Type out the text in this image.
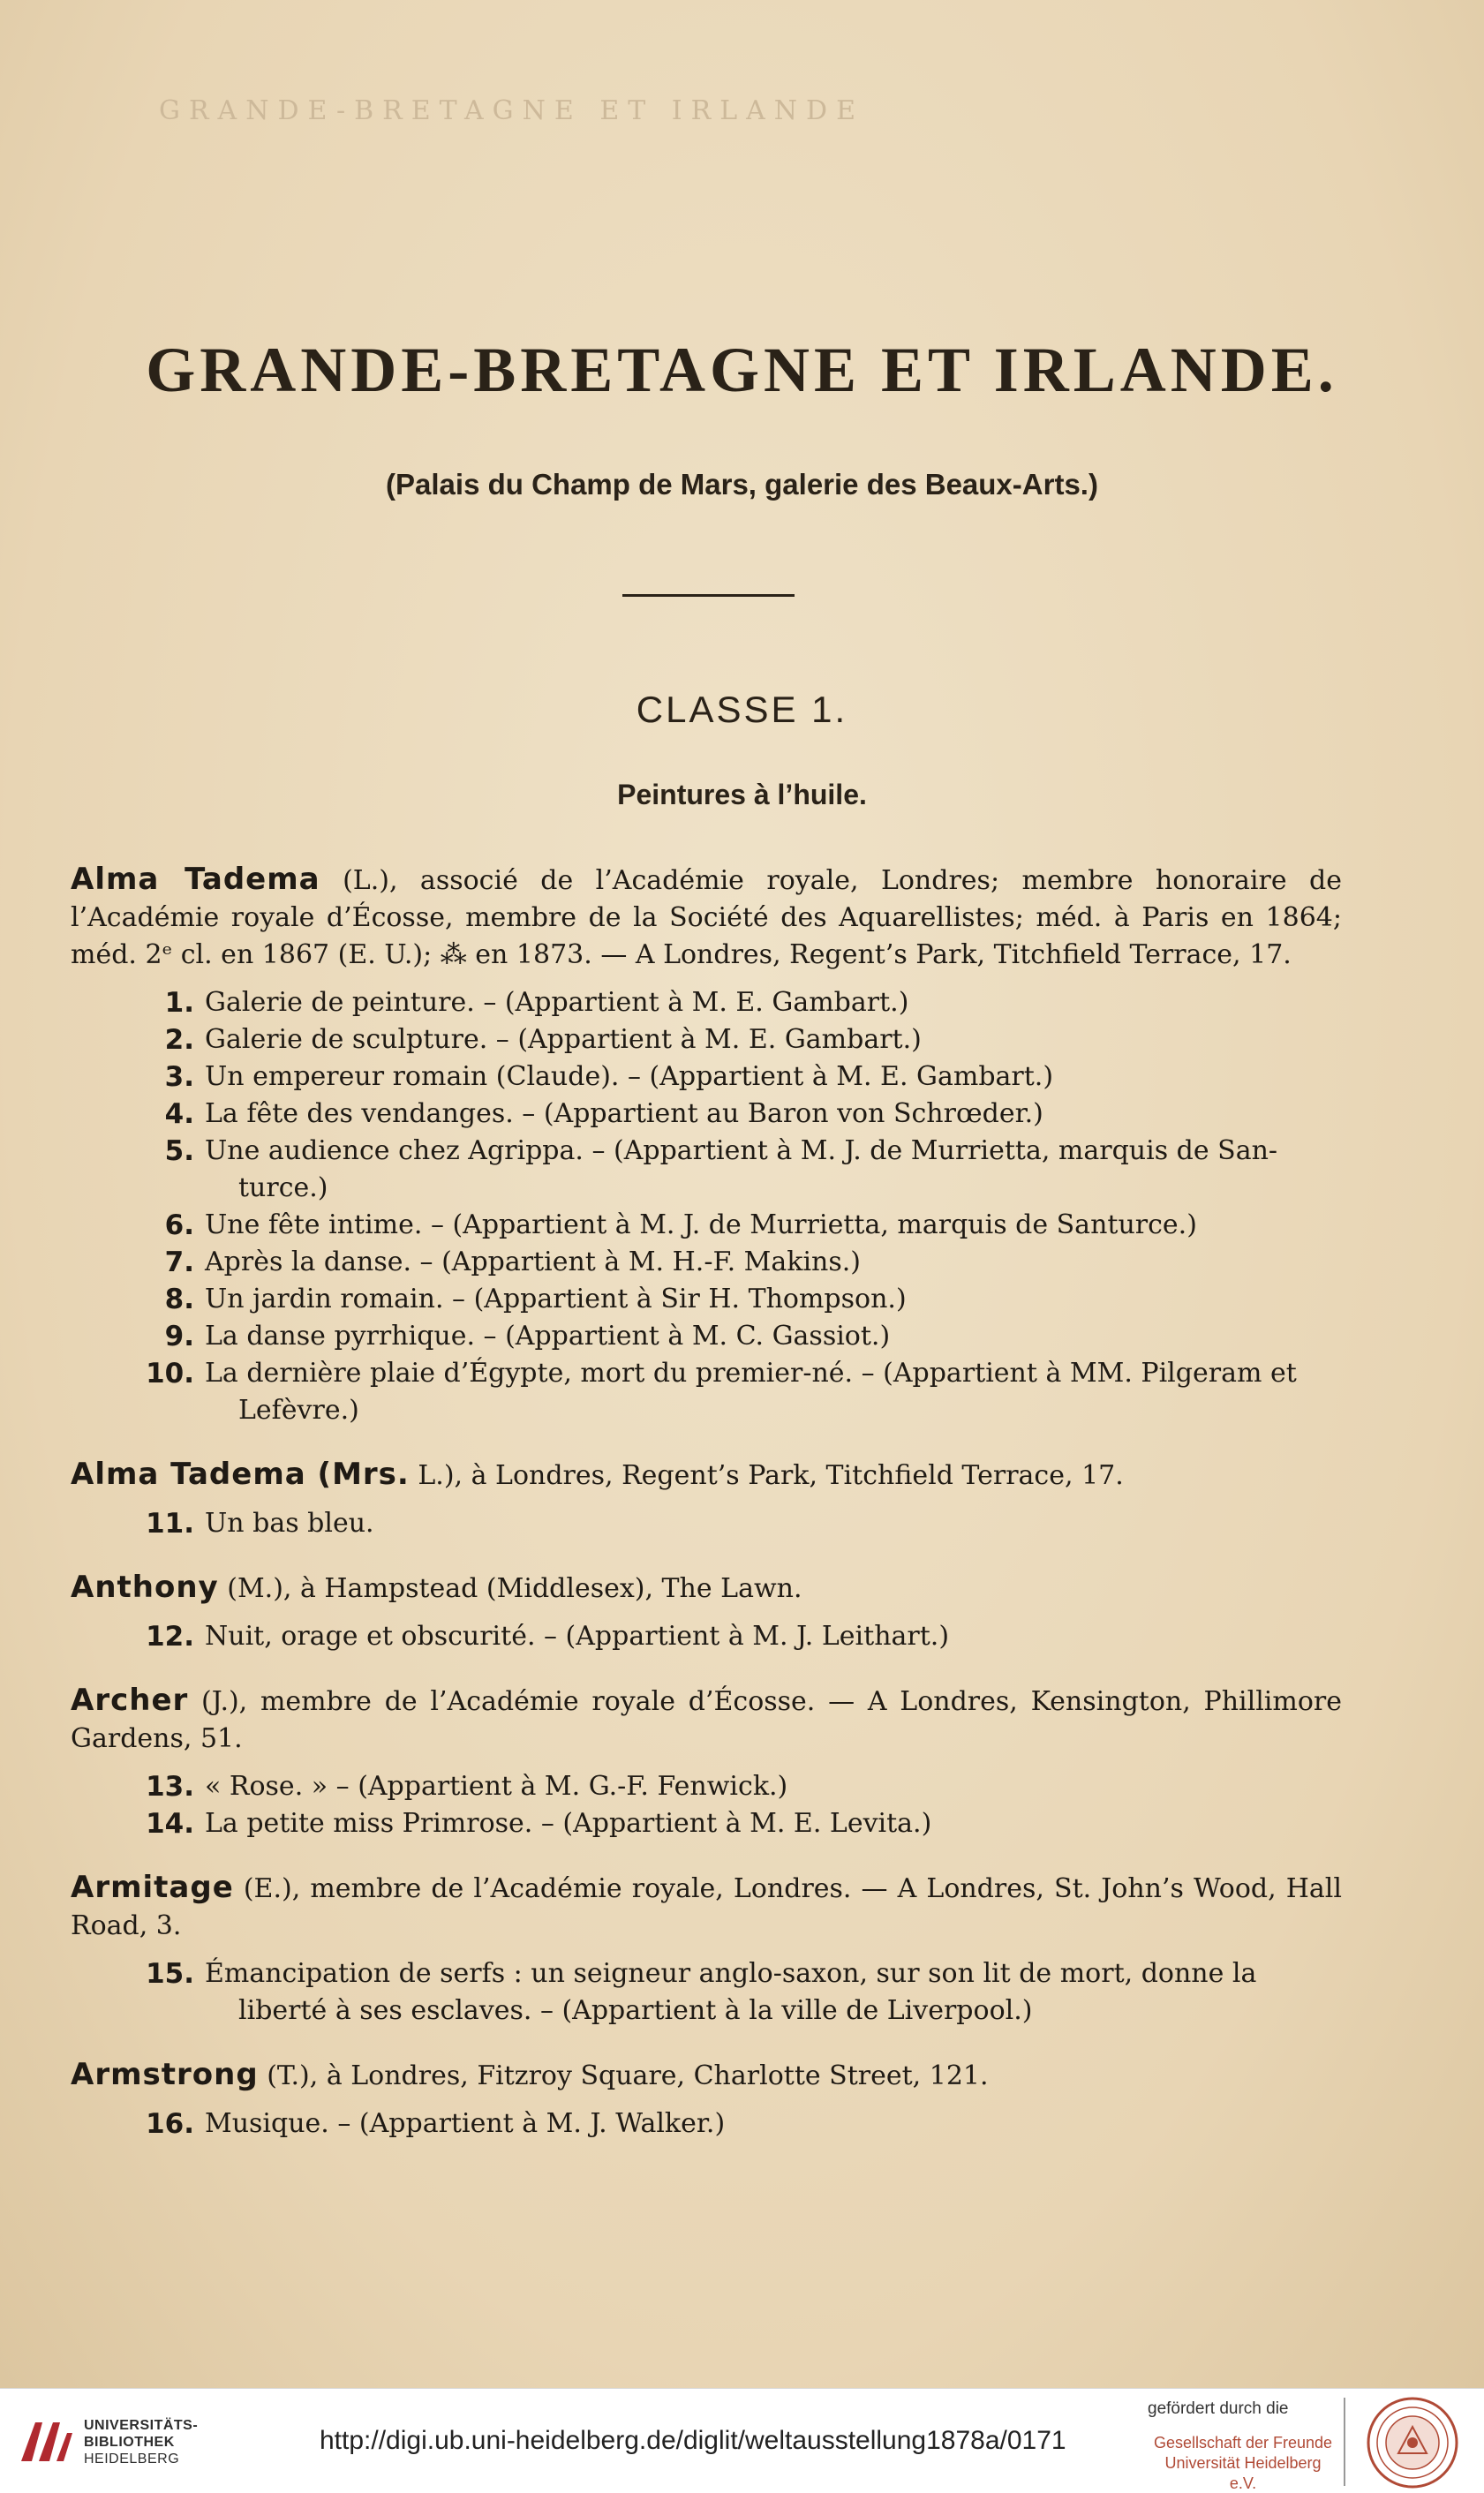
GRANDE-BRETAGNE ET IRLANDE
GRANDE-BRETAGNE ET IRLANDE.
(Palais du Champ de Mars, galerie des Beaux-Arts.)
CLASSE 1.
Peintures à l’huile.
Alma Tadema (L.), associé de l’Académie royale, Londres; membre honoraire de l’Académie royale d’Écosse, membre de la Société des Aquarellistes; méd. à Paris en 1864; méd. 2ᵉ cl. en 1867 (E. U.); ⁂ en 1873. — A Londres, Regent’s Park, Titchfield Terrace, 17.
1. Galerie de peinture. – (Appartient à M. E. Gambart.)
2. Galerie de sculpture. – (Appartient à M. E. Gambart.)
3. Un empereur romain (Claude). – (Appartient à M. E. Gambart.)
4. La fête des vendanges. – (Appartient au Baron von Schrœder.)
5. Une audience chez Agrippa. – (Appartient à M. J. de Murrietta, marquis de San-
turce.)
6. Une fête intime. – (Appartient à M. J. de Murrietta, marquis de Santurce.)
7. Après la danse. – (Appartient à M. H.-F. Makins.)
8. Un jardin romain. – (Appartient à Sir H. Thompson.)
9. La danse pyrrhique. – (Appartient à M. C. Gassiot.)
10. La dernière plaie d’Égypte, mort du premier-né. – (Appartient à MM. Pilgeram et
Lefèvre.)
Alma Tadema (Mrs. L.), à Londres, Regent’s Park, Titchfield Terrace, 17.
11. Un bas bleu.
Anthony (M.), à Hampstead (Middlesex), The Lawn.
12. Nuit, orage et obscurité. – (Appartient à M. J. Leithart.)
Archer (J.), membre de l’Académie royale d’Écosse. — A Londres, Kensington, Phillimore Gardens, 51.
13. « Rose. » – (Appartient à M. G.-F. Fenwick.)
14. La petite miss Primrose. – (Appartient à M. E. Levita.)
Armitage (E.), membre de l’Académie royale, Londres. — A Londres, St. John’s Wood, Hall Road, 3.
15. Émancipation de serfs : un seigneur anglo-saxon, sur son lit de mort, donne la
liberté à ses esclaves. – (Appartient à la ville de Liverpool.)
Armstrong (T.), à Londres, Fitzroy Square, Charlotte Street, 121.
16. Musique. – (Appartient à M. J. Walker.)
UNIVERSITÄTS-
BIBLIOTHEK
HEIDELBERG
http://digi.ub.uni-heidelberg.de/diglit/weltausstellung1878a/0171
gefördert durch die
Gesellschaft der Freunde
Universität Heidelberg e.V.
